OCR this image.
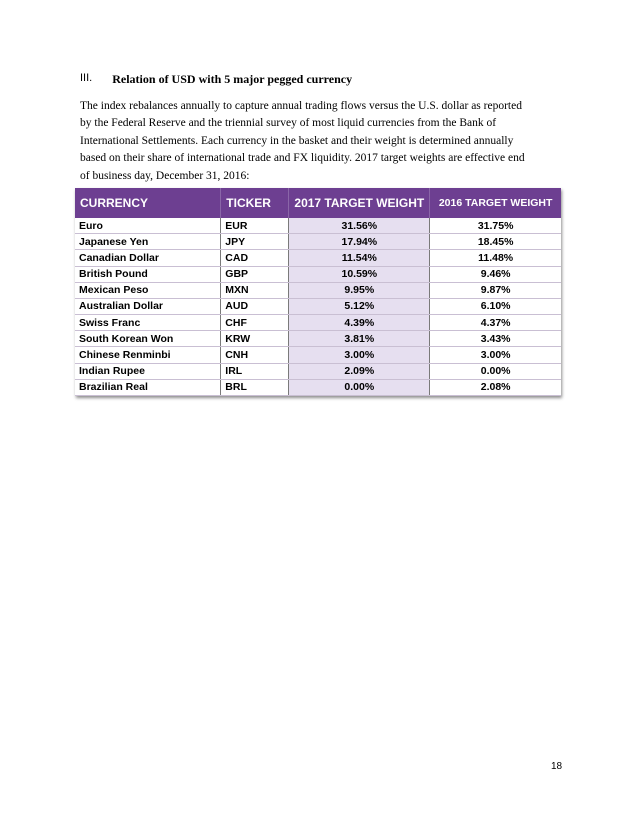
III. Relation of USD with 5 major pegged currency
The index rebalances annually to capture annual trading flows versus the U.S. dollar as reported
by the Federal Reserve and the triennial survey of most liquid currencies from the Bank of
International Settlements. Each currency in the basket and their weight is determined annually
based on their share of international trade and FX liquidity. 2017 target weights are effective end
of business day, December 31, 2016:
CURRENCY	TICKER	2017 TARGET WEIGHT	2016 TARGET WEIGHT
Euro	EUR	31.56%	31.75%
Japanese Yen	JPY	17.94%	18.45%
Canadian Dollar	CAD	11.54%	11.48%
British Pound	GBP	10.59%	9.46%
Mexican Peso	MXN	9.95%	9.87%
Australian Dollar	AUD	5.12%	6.10%
Swiss Franc	CHF	4.39%	4.37%
South Korean Won	KRW	3.81%	3.43%
Chinese Renminbi	CNH	3.00%	3.00%
Indian Rupee	IRL	2.09%	0.00%
Brazilian Real	BRL	0.00%	2.08%
18
